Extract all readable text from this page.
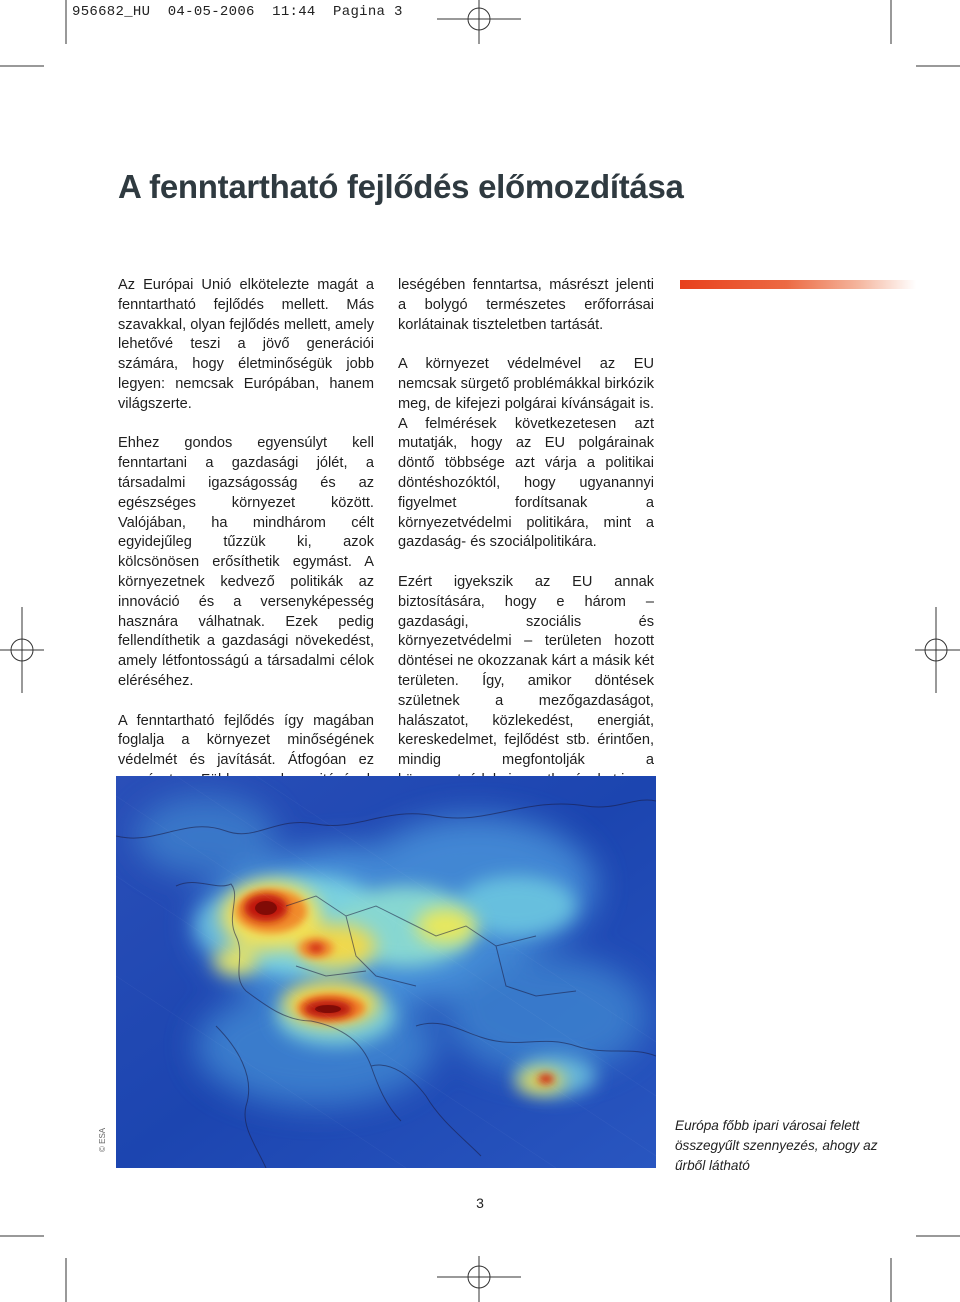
956682_HU  04-05-2006  11:44  Pagina 3
A fenntartható fejlődés előmozdítása

Az Európai Unió elkötelezte magát a fenntartható fejlődés mellett. Más szavakkal, olyan fejlődés mellett, amely lehetővé teszi a jövő generációi számára, hogy életminőségük jobb legyen: nemcsak Európában, hanem világszerte.

Ehhez gondos egyensúlyt kell fenntartani a gazdasági jólét, a társadalmi igazságosság és az egészséges környezet között. Valójában, ha mindhárom célt egyidejűleg tűzzük ki, azok kölcsönösen erősíthetik egymást. A környezetnek kedvező politikák az innováció és a versenyképesség hasznára válhatnak. Ezek pedig fellendíthetik a gazdasági növekedést, amely létfontosságú a társadalmi célok eléréséhez.

A fenntartható fejlődés így magában foglalja a környezet minőségének védelmét és javítását. Átfogóan ez

leségében fenntartsa, másrészt jelenti a bolygó természetes erőforrásai korlátainak tiszteletben tartását.

A környezet védelmével az EU nemcsak sürgető problémákkal birkózik meg, de kifejezi polgárai kívánságait is. A felmérések következetesen azt mutatják, hogy az EU polgárainak döntő többsége azt várja a politikai döntéshozóktól, hogy ugyanannyi figyelmet fordítsanak a környezetvédelmi politikára, mint a gazdaság- és szociálpolitikára.

Ezért igyekszik az EU annak biztosítására, hogy e három – gazdasági, szociális és környezetvédelmi – területen hozott döntései ne okozzanak kárt a másik két területen. Így, amikor döntések születnek a mezőgazdaságot, halászatot, közlekedést, energiát, kereskedelmet, fejlődést stb. érintően, mindig megfontolják a

© ESA
Európa főbb ipari városai felett összegyűlt szennyezés, ahogy az űrből látható
3
